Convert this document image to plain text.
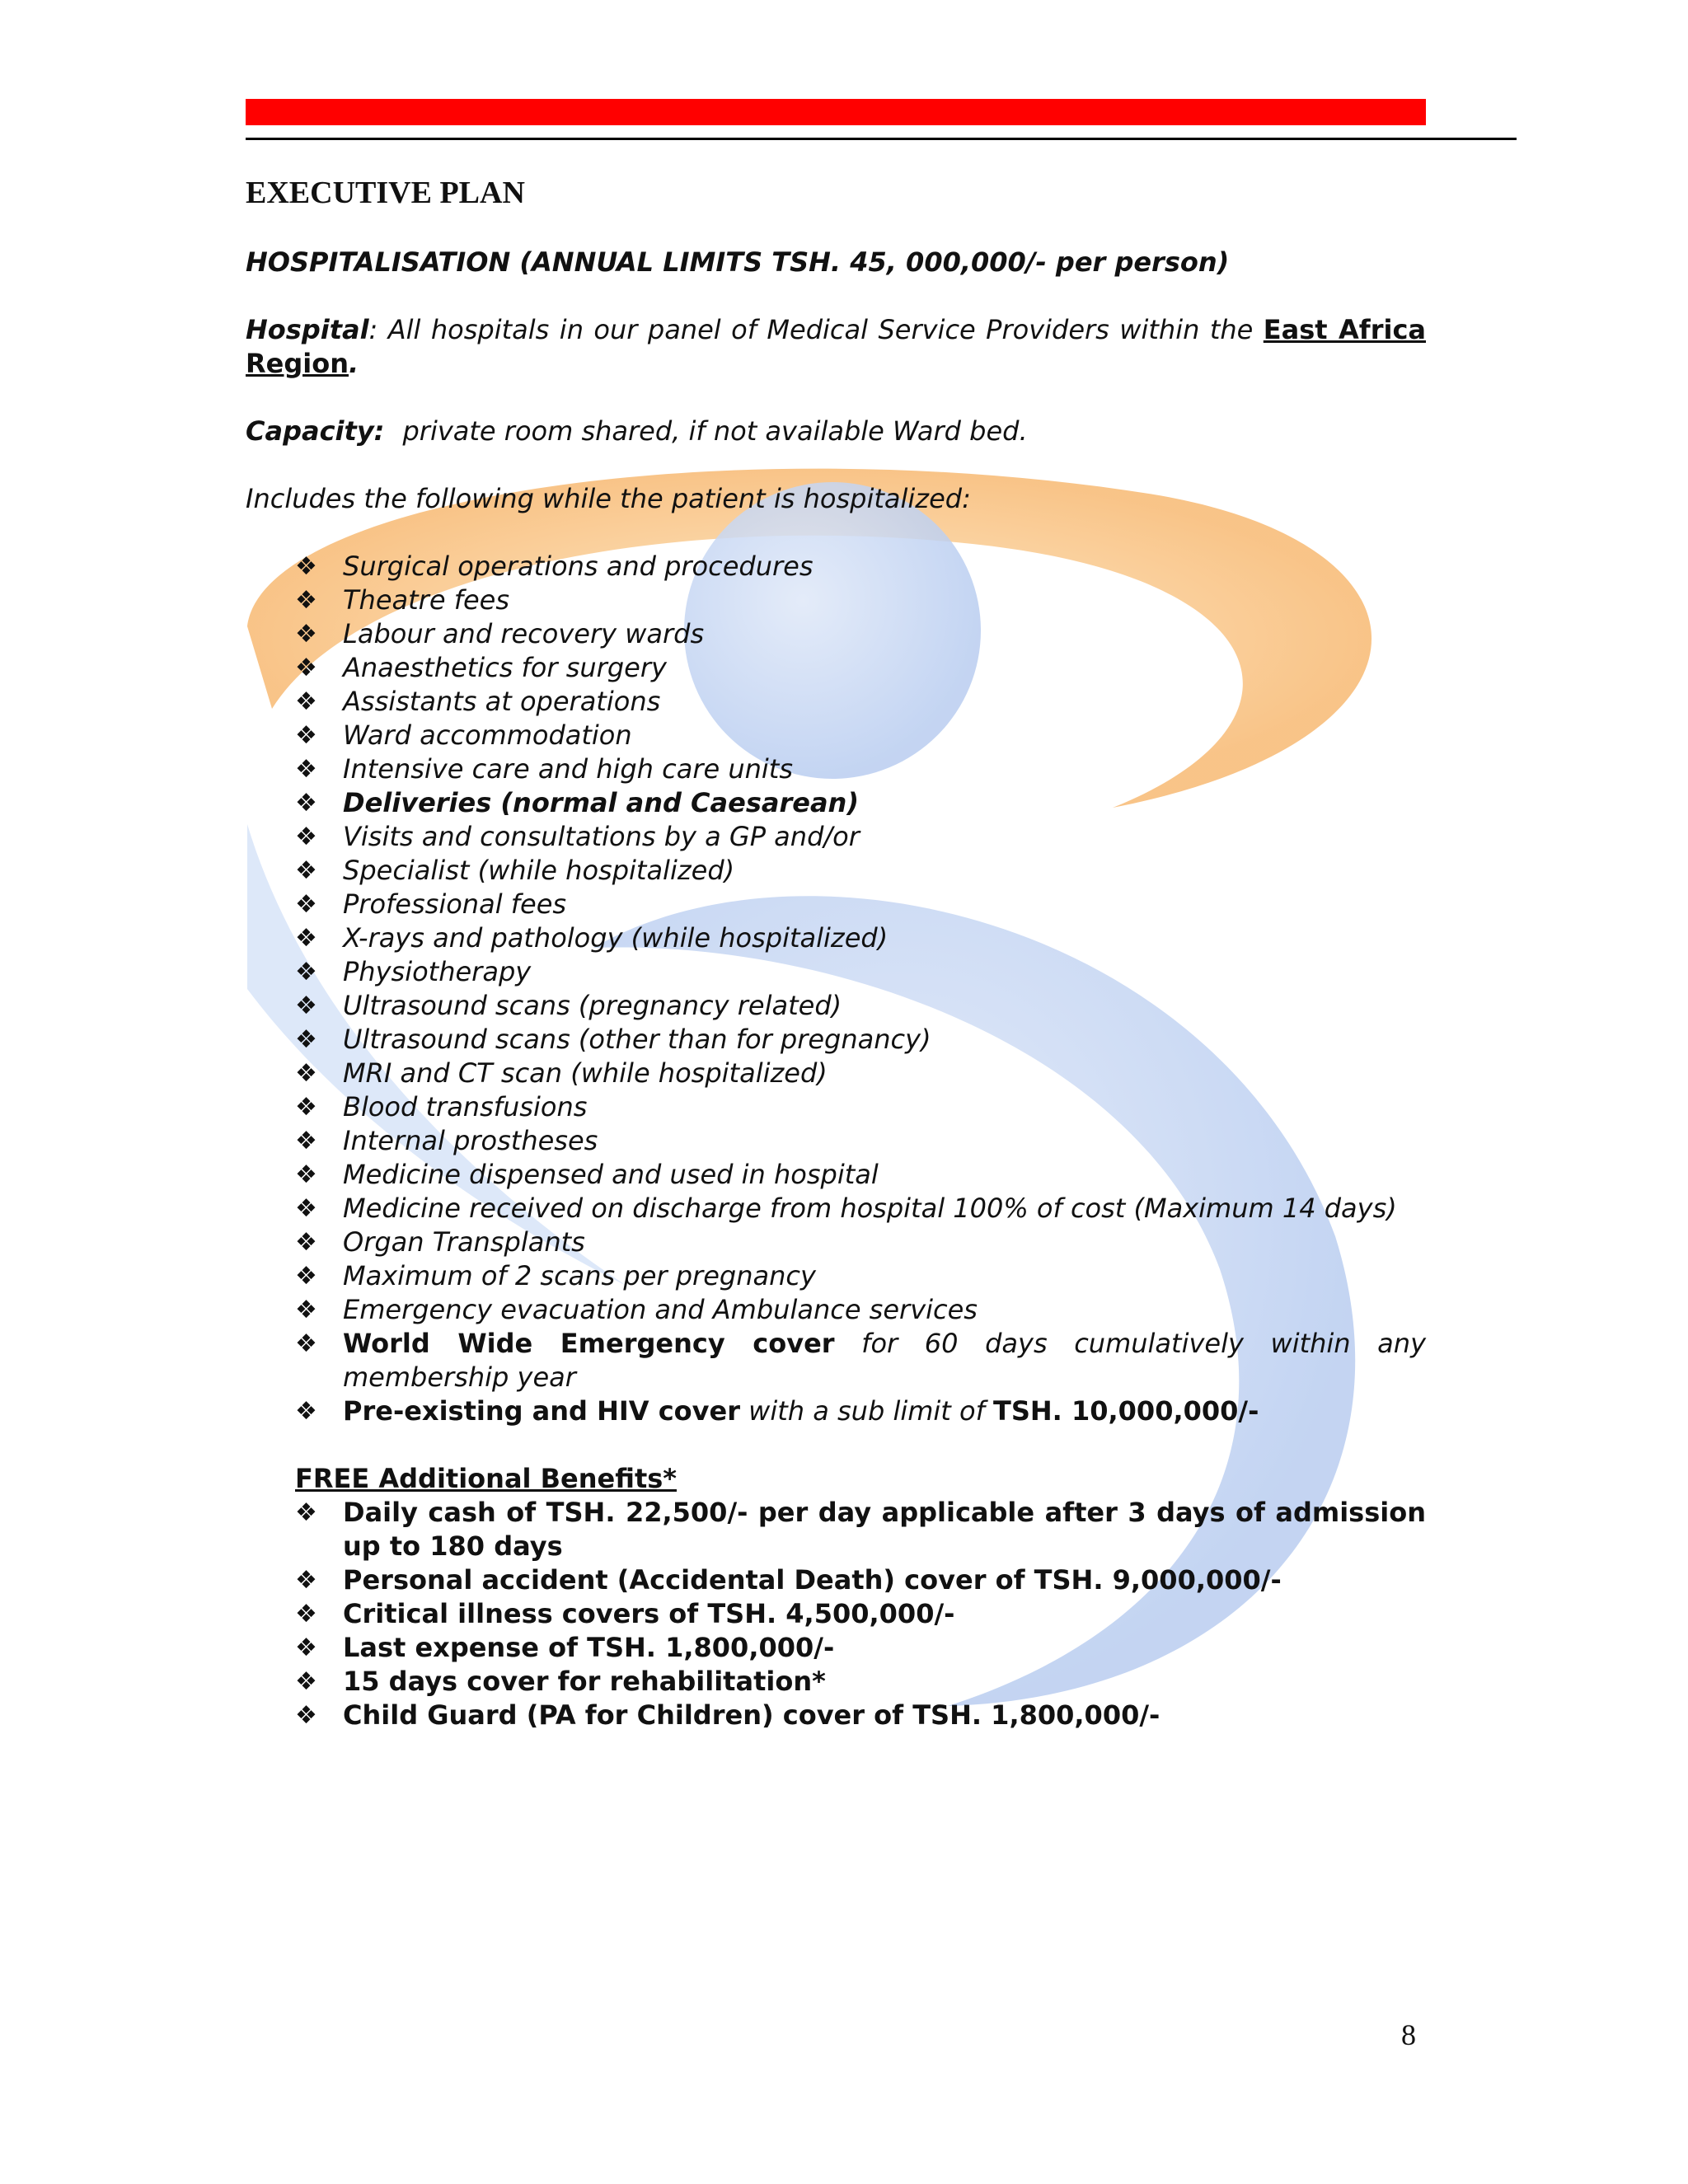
EXECUTIVE PLAN
HOSPITALISATION (ANNUAL LIMITS TSH. 45, 000,000/- per person)

Hospital: All hospitals in our panel of Medical Service Providers within the East Africa Region.

Capacity: private room shared, if not available Ward bed.

Includes the following while the patient is hospitalized:

❖ Surgical operations and procedures
❖ Theatre fees
❖ Labour and recovery wards
❖ Anaesthetics for surgery
❖ Assistants at operations
❖ Ward accommodation
❖ Intensive care and high care units
❖ Deliveries (normal and Caesarean)
❖ Visits and consultations by a GP and/or
❖ Specialist (while hospitalized)
❖ Professional fees
❖ X-rays and pathology (while hospitalized)
❖ Physiotherapy
❖ Ultrasound scans (pregnancy related)
❖ Ultrasound scans (other than for pregnancy)
❖ MRI and CT scan (while hospitalized)
❖ Blood transfusions
❖ Internal prostheses
❖ Medicine dispensed and used in hospital
❖ Medicine received on discharge from hospital 100% of cost (Maximum 14 days)
❖ Organ Transplants
❖ Maximum of 2 scans per pregnancy
❖ Emergency evacuation and Ambulance services
❖ World Wide Emergency cover for 60 days cumulatively within any membership year
❖ Pre-existing and HIV cover with a sub limit of TSH. 10,000,000/-
FREE Additional Benefits*
❖ Daily cash of TSH. 22,500/- per day applicable after 3 days of admission up to 180 days
❖ Personal accident (Accidental Death) cover of TSH. 9,000,000/-
❖ Critical illness covers of TSH. 4,500,000/-
❖ Last expense of TSH. 1,800,000/-
❖ 15 days cover for rehabilitation*
❖ Child Guard (PA for Children) cover of TSH. 1,800,000/-
8
